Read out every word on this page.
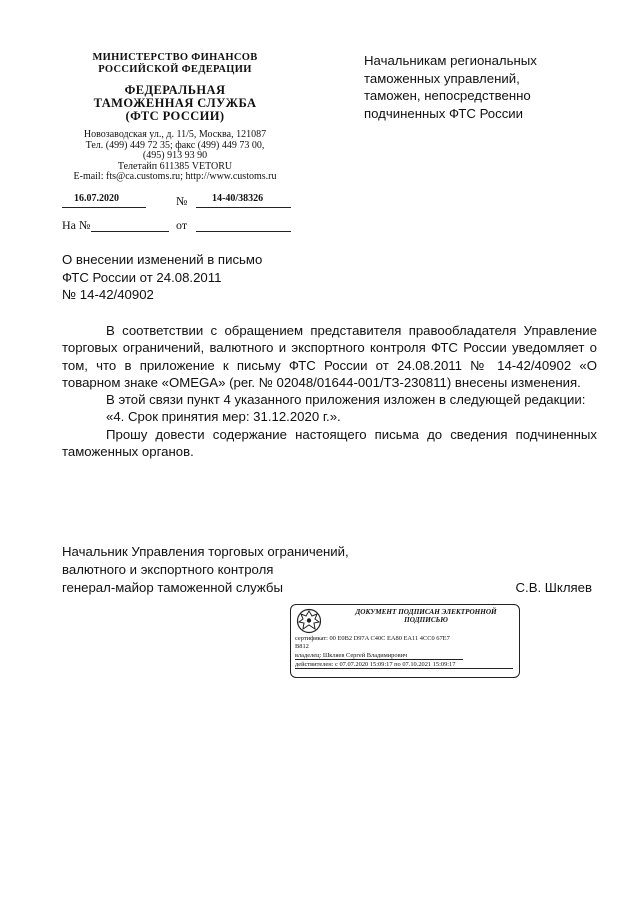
МИНИСТЕРСТВО ФИНАНСОВ
РОССИЙСКОЙ ФЕДЕРАЦИИ
ФЕДЕРАЛЬНАЯ
ТАМОЖЕННАЯ СЛУЖБА
(ФТС РОССИИ)
Новозаводская ул., д. 11/5, Москва, 121087
Тел. (499) 449 72 35; факс (499) 449 73 00,
(495) 913 93 90
Телетайп 611385 VETORU
E-mail: fts@ca.customs.ru; http://www.customs.ru
16.07.2020	№ 14-40/38326
На №	от
Начальникам региональных
таможенных управлений,
таможен, непосредственно
подчиненных ФТС России
О внесении изменений в письмо
ФТС России от 24.08.2011
№ 14-42/40902

В соответствии с обращением представителя правообладателя Управление торговых ограничений, валютного и экспортного контроля ФТС России уведомляет о том, что в приложение к письму ФТС России от 24.08.2011 № 14-42/40902 «О товарном знаке «OMEGA» (рег. № 02048/01644-001/ТЗ-230811) внесены изменения.

В этой связи пункт 4 указанного приложения изложен в следующей редакции:

«4. Срок принятия мер: 31.12.2020 г.».

Прошу довести содержание настоящего письма до сведения подчиненных таможенных органов.

Начальник Управления торговых ограничений,
валютного и экспортного контроля
генерал-майор таможенной службы	С.В. Шкляев
ДОКУМЕНТ ПОДПИСАН ЭЛЕКТРОННОЙ
ПОДПИСЬЮ
сертификат: 00 E0B2 D97A C40C EA80 EA11 4CC0 67E7
B812
владелец: Шкляев Сергей Владимирович
действителен: с 07.07.2020 15:09:17 по 07.10.2021 15:09:17
